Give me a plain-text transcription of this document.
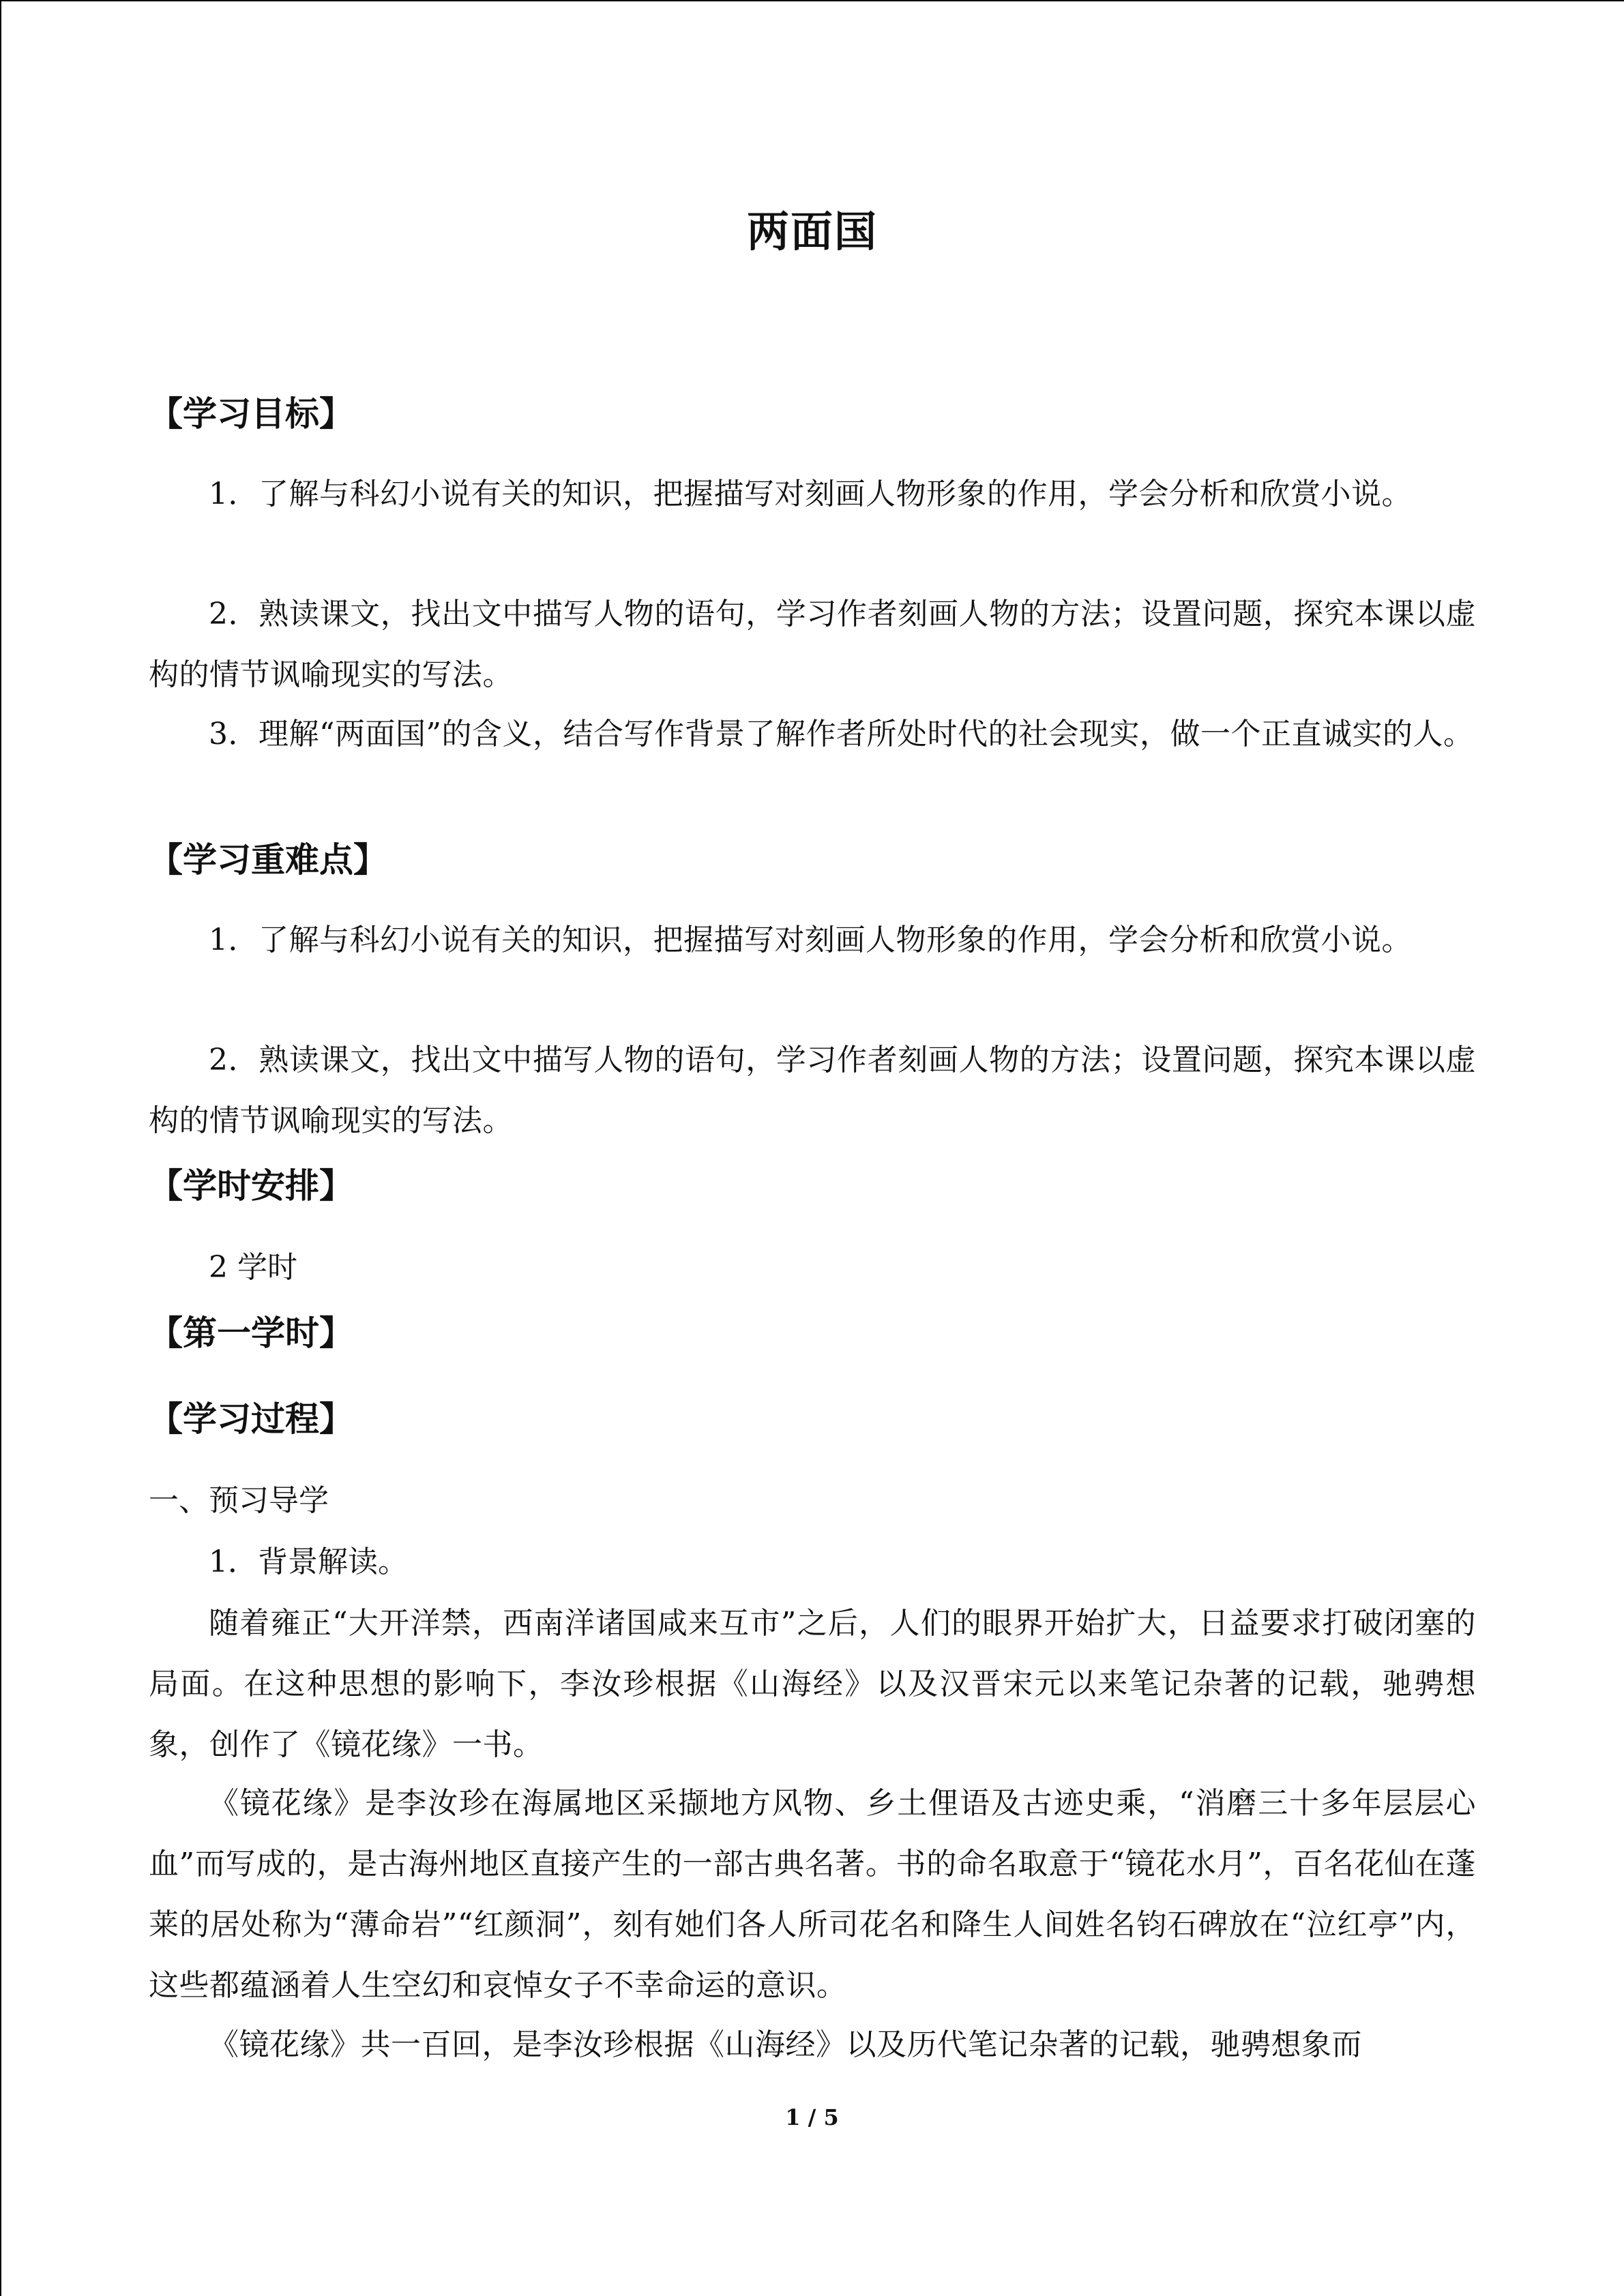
两面国
【学习目标】
1．了解与科幻小说有关的知识，把握描写对刻画人物形象的作用，学会分析和欣赏小说。
2．熟读课文，找出文中描写人物的语句，学习作者刻画人物的方法；设置问题，探究本课以虚构的情节讽喻现实的写法。
3．理解“两面国”的含义，结合写作背景了解作者所处时代的社会现实，做一个正直诚实的人。
【学习重难点】
1．了解与科幻小说有关的知识，把握描写对刻画人物形象的作用，学会分析和欣赏小说。
2．熟读课文，找出文中描写人物的语句，学习作者刻画人物的方法；设置问题，探究本课以虚构的情节讽喻现实的写法。
【学时安排】
2 学时
【第一学时】
【学习过程】
一、预习导学
1．背景解读。
随着雍正“大开洋禁，西南洋诸国咸来互市”之后，人们的眼界开始扩大，日益要求打破闭塞的局面。在这种思想的影响下，李汝珍根据《山海经》以及汉晋宋元以来笔记杂著的记载，驰骋想象，创作了《镜花缘》一书。
《镜花缘》是李汝珍在海属地区采撷地方风物、乡土俚语及古迹史乘，“消磨三十多年层层心血”而写成的，是古海州地区直接产生的一部古典名著。书的命名取意于“镜花水月”，百名花仙在蓬莱的居处称为“薄命岩”“红颜洞”，刻有她们各人所司花名和降生人间姓名钧石碑放在“泣红亭”内，这些都蕴涵着人生空幻和哀悼女子不幸命运的意识。
《镜花缘》共一百回，是李汝珍根据《山海经》以及历代笔记杂著的记载，驰骋想象而
1 / 5
